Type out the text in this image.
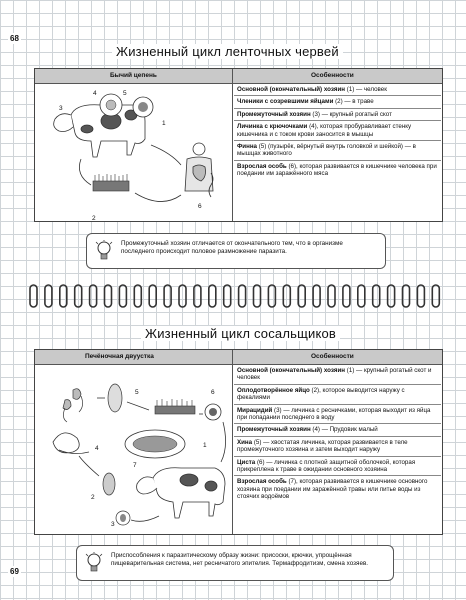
68
Жизненный цикл ленточных червей
Бычий цепень	Особенности
1
2
3
4	5
6
Основной (окончательный) хозяин (1) — человек
Членики с созревшими яйцами (2) — в траве
Промежуточный хозяин (3) — крупный рогатый скот
Личинка с крючочками (4), которая пробуравливает стенку кишечника и с током крови заносится в мышцы
Финна (5) (пузырёк, вёрнутый внутрь головкой и шейкой) — в мышцах животного
Взрослая особь (6), которая развивается в кишечнике человека при поедании им заражённого мяса
Промежуточный хозяин отличается от окончательного тем, что в организме последнего происходит половое размножение паразита.
Жизненный цикл сосальщиков
Печёночная двуустка	Особенности
1
2
3
4
5	6
7
Основной (окончательный) хозяин (1) — крупный рогатый скот и человек
Оплодотворённое яйцо (2), которое выводится наружу с фекалиями
Мирацидий (3) — личинка с ресничками, которая выходит из яйца при попадании последнего в воду
Промежуточный хозяин (4) — Прудовик малый
Хина (5) — хвостатая личинка, которая развивается в теле промежуточного хозяина и затем выходит наружу
Циста (6) — личинка с плотной защитной оболочкой, которая прикреплена к траве в ожидании основного хозяина
Взрослая особь (7), которая развивается в кишечнике основного хозяина при поедании им заражённой травы или питье воды из стоячих водоёмов
Приспособления к паразитическому образу жизни: присоски, крючки, упрощённая пищеварительная система, нет ресничатого эпителия. Термафродитизм, смена хозяев.
69
